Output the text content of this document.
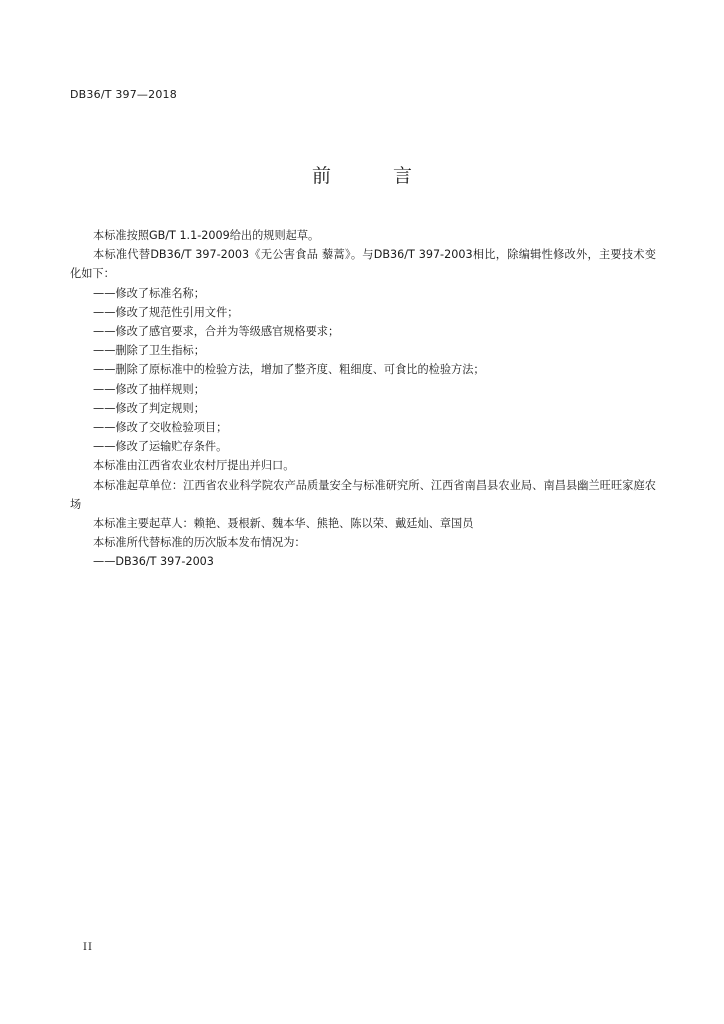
DB36/T 397—2018
前 言

本标准按照GB/T 1.1-2009给出的规则起草。

本标准代替DB36/T 397-2003《无公害食品 藜蒿》。与DB36/T 397-2003相比，除编辑性修改外，主要技术变化如下：

——修改了标准名称；

——修改了规范性引用文件；

——修改了感官要求，合并为等级感官规格要求；

——删除了卫生指标；

——删除了原标准中的检验方法，增加了整齐度、粗细度、可食比的检验方法；

——修改了抽样规则；

——修改了判定规则；

——修改了交收检验项目；

——修改了运输贮存条件。

本标准由江西省农业农村厅提出并归口。

本标准起草单位：江西省农业科学院农产品质量安全与标准研究所、江西省南昌县农业局、南昌县幽兰旺旺家庭农场

本标准主要起草人：赖艳、聂根新、魏本华、熊艳、陈以荣、戴廷灿、章国员

本标准所代替标准的历次版本发布情况为：

——DB36/T 397-2003

II
